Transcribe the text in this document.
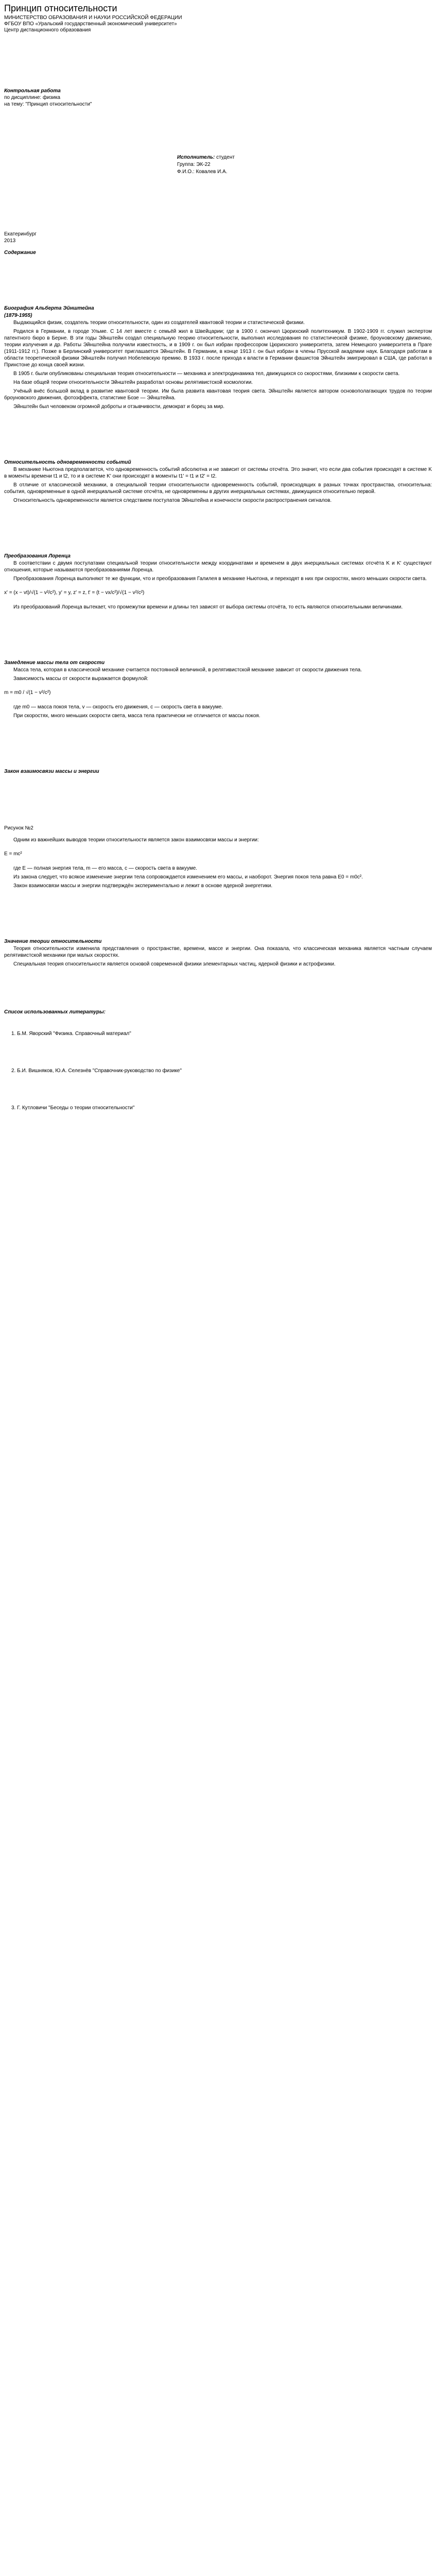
Принцип относительности
МИНИСТЕРСТВО ОБРАЗОВАНИЯ И НАУКИ РОССИЙСКОЙ ФЕДЕРАЦИИ
ФГБОУ ВПО «Уральский государственный экономический университет»
Центр дистанционного образования
Контрольная работа
по дисциплине: физика
на тему: "Принцип относительности"
Исполнитель: студент
Группа: ЭК-22
Ф.И.О.: Ковалев И.А.
Екатеринбург
2013
Содержание
Биография Альберта Эйнштейна
(1879-1955)

Выдающийся физик, создатель теории относительности, один из создателей квантовой теории и статистической физики.

Родился в Германии, в городе Ульме. С 14 лет вместе с семьёй жил в Швейцарии; где в 1900 г. окончил Цюрихский политехникум. В 1902-1909 гг. служил экспертом патентного бюро в Берне. В эти годы Эйнштейн создал специальную теорию относительности, выполнил исследования по статистической физике, броуновскому движению, теории излучения и др. Работы Эйнштейна получили известность, и в 1909 г. он был избран профессором Цюрихского университета, затем Немецкого университета в Праге (1911-1912 гг.). Позже в Берлинский университет приглашается Эйнштейн. В Германии, в конце 1913 г. он был избран в члены Прусской академии наук. Благодаря работам в области теоретической физики Эйнштейн получил Нобелевскую премию. В 1933 г. после прихода к власти в Германии фашистов Эйнштейн эмигрировал в США, где работал в Принстоне до конца своей жизни.

В 1905 г. были опубликованы специальная теория относительности — механика и электродинамика тел, движущихся со скоростями, близкими к скорости света.

На базе общей теории относительности Эйнштейн разработал основы релятивистской космологии.

Учёный внёс большой вклад в развитие квантовой теории. Им была развита квантовая теория света. Эйнштейн является автором основополагающих трудов по теории броуновского движения, фотоэффекта, статистике Бозе — Эйнштейна.

Эйнштейн был человеком огромной доброты и отзывчивости, демократ и борец за мир.

Относительность одновременности событий

В механике Ньютона предполагается, что одновременность событий абсолютна и не зависит от системы отсчёта. Это значит, что если два события происходят в системе K в моменты времени t1 и t2, то и в системе K' они происходят в моменты t1' = t1 и t2' = t2.

В отличие от классической механики, в специальной теории относительности одновременность событий, происходящих в разных точках пространства, относительна: события, одновременные в одной инерциальной системе отсчёта, не одновременны в других инерциальных системах, движущихся относительно первой.

Относительность одновременности является следствием постулатов Эйнштейна и конечности скорости распространения сигналов.

Преобразования Лоренца

В соответствии с двумя постулатами специальной теории относительности между координатами и временем в двух инерциальных системах отсчёта K и K' существуют отношения, которые называются преобразованиями Лоренца.

Преобразования Лоренца выполняют те же функции, что и преобразования Галилея в механике Ньютона, и переходят в них при скоростях, много меньших скорости света.

x' = (x − vt)/√(1 − v²/c²), y' = y, z' = z, t' = (t − vx/c²)/√(1 − v²/c²)

Из преобразований Лоренца вытекает, что промежутки времени и длины тел зависят от выбора системы отсчёта, то есть являются относительными величинами.

Замедление массы тела от скорости

Масса тела, которая в классической механике считается постоянной величиной, в релятивистской механике зависит от скорости движения тела.

Зависимость массы от скорости выражается формулой:

m = m0 / √(1 − v²/c²)

где m0 — масса покоя тела, v — скорость его движения, c — скорость света в вакууме.

При скоростях, много меньших скорости света, масса тела практически не отличается от массы покоя.

Закон взаимосвязи массы и энергии
Рисунок №2

Одним из важнейших выводов теории относительности является закон взаимосвязи массы и энергии:

E = mc²

где E — полная энергия тела, m — его масса, c — скорость света в вакууме.

Из закона следует, что всякое изменение энергии тела сопровождается изменением его массы, и наоборот. Энергия покоя тела равна E0 = m0c².

Закон взаимосвязи массы и энергии подтверждён экспериментально и лежит в основе ядерной энергетики.

Значение теории относительности

Теория относительности изменила представления о пространстве, времени, массе и энергии. Она показала, что классическая механика является частным случаем релятивистской механики при малых скоростях.

Специальная теория относительности является основой современной физики элементарных частиц, ядерной физики и астрофизики.

Список использованных литературы:
1. Б.М. Яворский "Физика. Справочный материал"
2. Б.И. Вишняков, Ю.А. Селезнёв "Справочник-руководство по физике"
3. Г. Кутловичи "Беседы о теории относительности"
